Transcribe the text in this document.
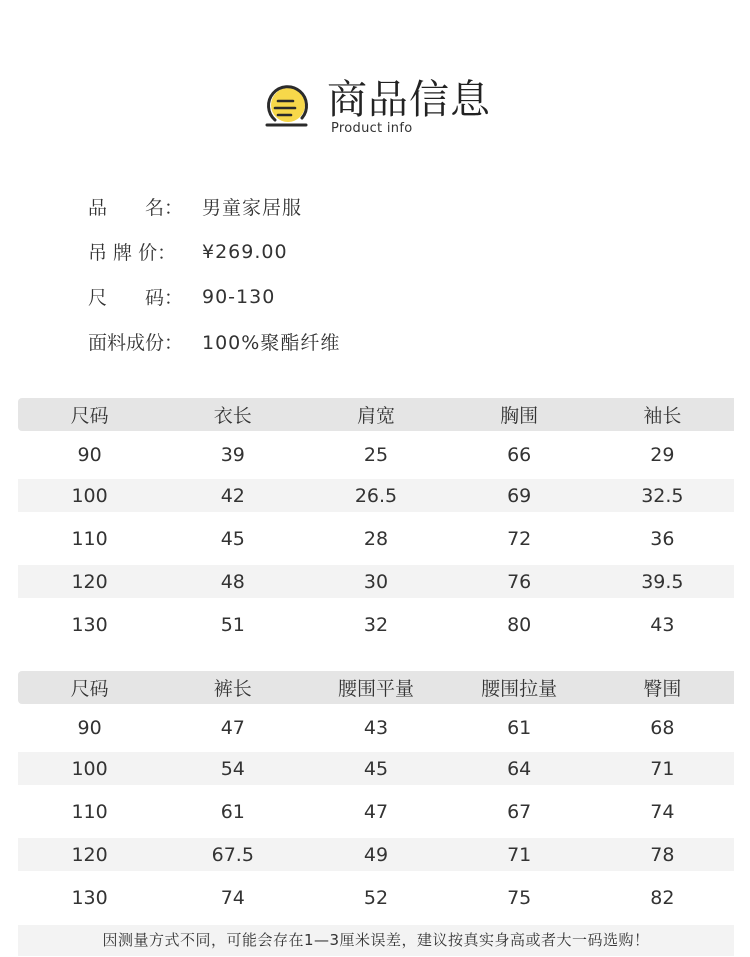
商品信息
Product info
品　　名： 男童家居服
吊 牌 价：	¥269.00
尺　　码： 90-130
面料成份： 100%聚酯纤维
尺码	衣长	肩宽	胸围	袖长
90	39	25	66	29
100	42	26.5	69	32.5
110	45	28	72	36
120	48	30	76	39.5
130	51	32	80	43
尺码	裤长	腰围平量	腰围拉量	臀围
90	47	43	61	68
100	54	45	64	71
110	61	47	67	74
120	67.5	49	71	78
130	74	52	75	82
因测量方式不同，可能会存在1—3厘米误差，建议按真实身高或者大一码选购！
